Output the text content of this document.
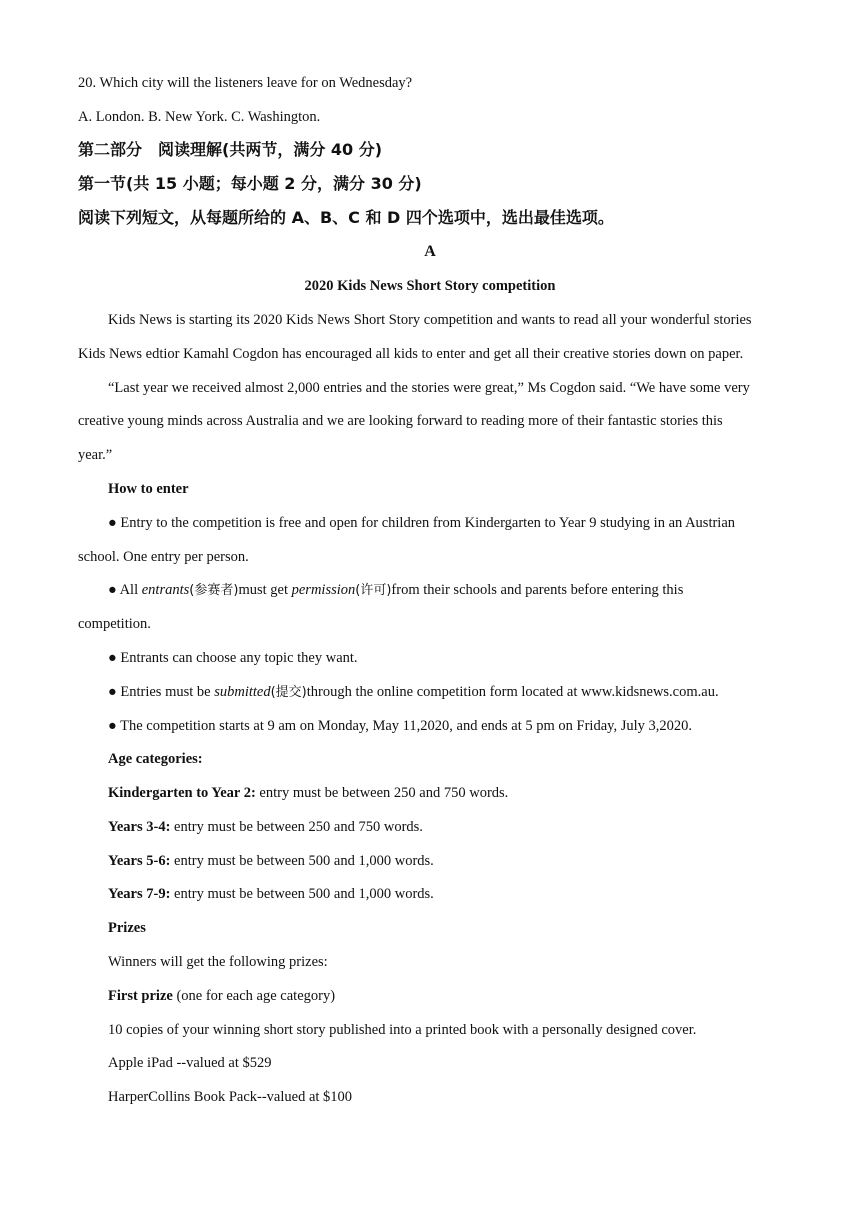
20. Which city will the listeners leave for on Wednesday?
A. London. B. New York. C. Washington.
第二部分　阅读理解(共两节，满分 40 分)
第一节(共 15 小题；每小题 2 分，满分 30 分)
阅读下列短文，从每题所给的 A、B、C 和 D 四个选项中，选出最佳选项。
A
2020 Kids News Short Story competition
Kids News is starting its 2020 Kids News Short Story competition and wants to read all your wonderful stories
Kids News edtior Kamahl Cogdon has encouraged all kids to enter and get all their creative stories down on paper.
“Last year we received almost 2,000 entries and the stories were great,” Ms Cogdon said. “We have some very
creative young minds across Australia and we are looking forward to reading more of their fantastic stories this
year.”
How to enter
● Entry to the competition is free and open for children from Kindergarten to Year 9 studying in an Austrian
school. One entry per person.
● All entrants(参赛者)must get permission(许可)from their schools and parents before entering this
competition.
● Entrants can choose any topic they want.
● Entries must be submitted(提交)through the online competition form located at www.kidsnews.com.au.
● The competition starts at 9 am on Monday, May 11,2020, and ends at 5 pm on Friday, July 3,2020.
Age categories:
Kindergarten to Year 2: entry must be between 250 and 750 words.
Years 3-4: entry must be between 250 and 750 words.
Years 5-6: entry must be between 500 and 1,000 words.
Years 7-9: entry must be between 500 and 1,000 words.
Prizes
Winners will get the following prizes:
First prize (one for each age category)
10 copies of your winning short story published into a printed book with a personally designed cover.
Apple iPad --valued at $529
HarperCollins Book Pack--valued at $100
